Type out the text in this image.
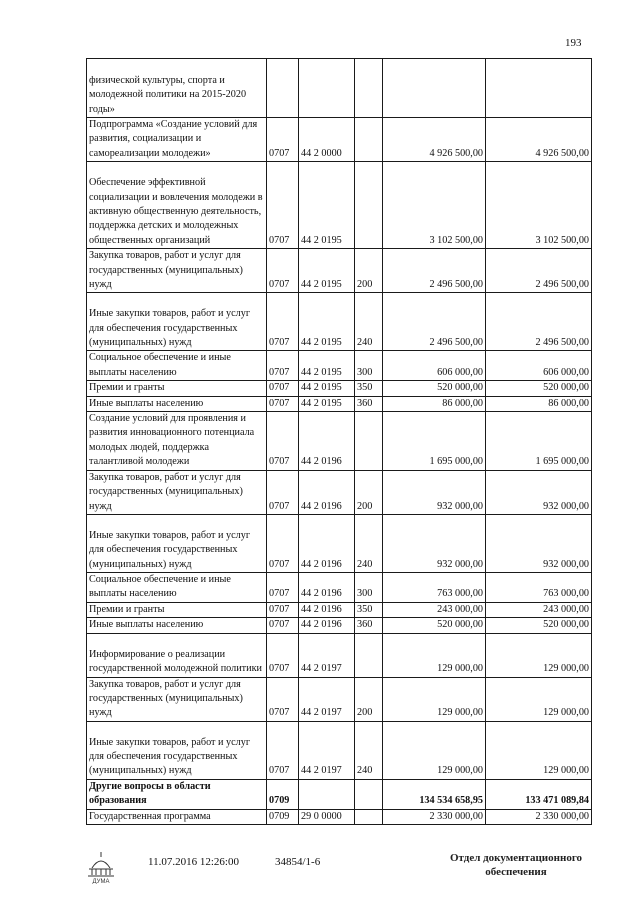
193
физической культуры, спорта и молодежной политики на 2015-2020 годы»					
Подпрограмма «Создание условий для развития, социализации и самореализации молодежи»	0707	44 2 0000		4 926 500,00	4 926 500,00
Обеспечение эффективной социализации и вовлечения молодежи в активную общественную деятельность, поддержка детских и молодежных общественных организаций	0707	44 2 0195		3 102 500,00	3 102 500,00
Закупка товаров, работ и услуг для государственных (муниципальных) нужд	0707	44 2 0195	200	2 496 500,00	2 496 500,00
Иные закупки товаров, работ и услуг для обеспечения государственных (муниципальных) нужд	0707	44 2 0195	240	2 496 500,00	2 496 500,00
Социальное обеспечение и иные выплаты населению	0707	44 2 0195	300	606 000,00	606 000,00
Премии и гранты	0707	44 2 0195	350	520 000,00	520 000,00
Иные выплаты населению	0707	44 2 0195	360	86 000,00	86 000,00
Создание условий для проявления и развития инновационного потенциала молодых людей, поддержка талантливой молодежи	0707	44 2 0196		1 695 000,00	1 695 000,00
Закупка товаров, работ и услуг для государственных (муниципальных) нужд	0707	44 2 0196	200	932 000,00	932 000,00
Иные закупки товаров, работ и услуг для обеспечения государственных (муниципальных) нужд	0707	44 2 0196	240	932 000,00	932 000,00
Социальное обеспечение и иные выплаты населению	0707	44 2 0196	300	763 000,00	763 000,00
Премии и гранты	0707	44 2 0196	350	243 000,00	243 000,00
Иные выплаты населению	0707	44 2 0196	360	520 000,00	520 000,00
Информирование о реализации государственной молодежной политики	0707	44 2 0197		129 000,00	129 000,00
Закупка товаров, работ и услуг для государственных (муниципальных) нужд	0707	44 2 0197	200	129 000,00	129 000,00
Иные закупки товаров, работ и услуг для обеспечения государственных (муниципальных) нужд	0707	44 2 0197	240	129 000,00	129 000,00
Другие вопросы в области образования	0709			134 534 658,95	133 471 089,84
Государственная программа	0709	29 0 0000		2 330 000,00	2 330 000,00
ДУМА
11.07.2016 12:26:00	34854/1-6	Отдел документационного
обеспечения
